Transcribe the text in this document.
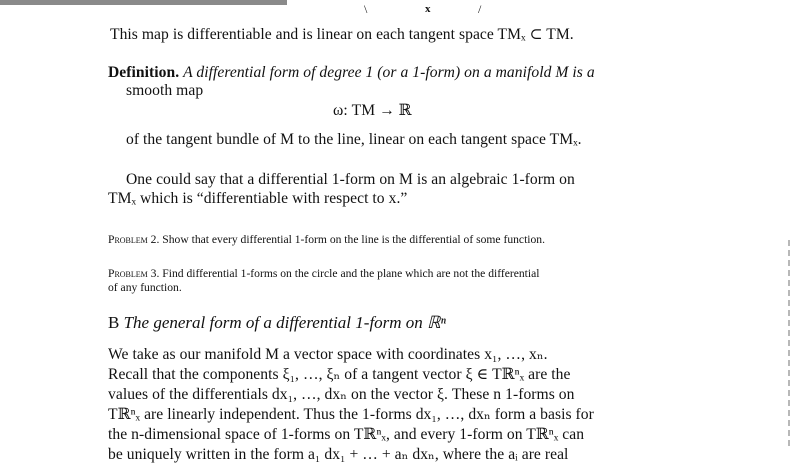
\	x	/
This map is differentiable and is linear on each tangent space TMₓ ⊂ TM.
Definition. A differential form of degree 1 (or a 1-form) on a manifold M is a
smooth map
ω: TM → ℝ
of the tangent bundle of M to the line, linear on each tangent space TMₓ.
One could say that a differential 1-form on M is an algebraic 1-form on
TMₓ which is “differentiable with respect to x.”
Problem 2. Show that every differential 1-form on the line is the differential of some function.
Problem 3. Find differential 1-forms on the circle and the plane which are not the differential
of any function.
B The general form of a differential 1-form on ℝⁿ
We take as our manifold M a vector space with coordinates x₁, …, xₙ.
Recall that the components ξ₁, …, ξₙ of a tangent vector ξ ∈ Tℝⁿₓ are the
values of the differentials dx₁, …, dxₙ on the vector ξ. These n 1-forms on
Tℝⁿₓ are linearly independent. Thus the 1-forms dx₁, …, dxₙ form a basis for
the n-dimensional space of 1-forms on Tℝⁿₓ, and every 1-form on Tℝⁿₓ can
be uniquely written in the form a₁ dx₁ + … + aₙ dxₙ, where the aᵢ are real
